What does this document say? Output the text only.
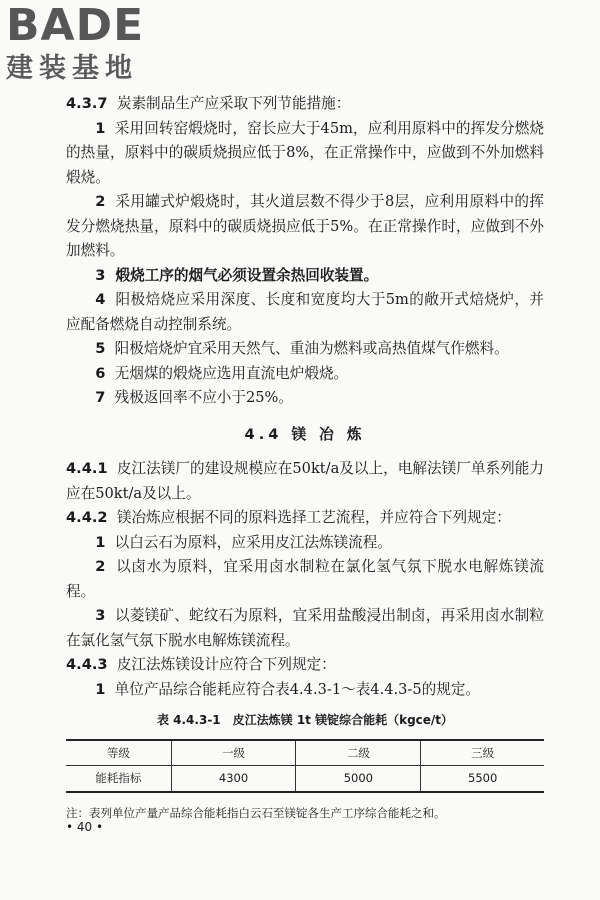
BADE
建装基地

4.3.7 炭素制品生产应采取下列节能措施：

1 采用回转窑煅烧时，窑长应大于45m，应利用原料中的挥发分燃烧的热量，原料中的碳质烧损应低于8%，在正常操作中，应做到不外加燃料煅烧。

2 采用罐式炉煅烧时，其火道层数不得少于8层，应利用原料中的挥发分燃烧热量，原料中的碳质烧损应低于5%。在正常操作时，应做到不外加燃料。

3 煅烧工序的烟气必须设置余热回收装置。

4 阳极焙烧应采用深度、长度和宽度均大于5m的敞开式焙烧炉，并应配备燃烧自动控制系统。

5 阳极焙烧炉宜采用天然气、重油为燃料或高热值煤气作燃料。

6 无烟煤的煅烧应选用直流电炉煅烧。

7 残极返回率不应小于25%。

4.4 镁 冶 炼

4.4.1 皮江法镁厂的建设规模应在50kt/a及以上，电解法镁厂单系列能力应在50kt/a及以上。

4.4.2 镁冶炼应根据不同的原料选择工艺流程，并应符合下列规定：

1 以白云石为原料，应采用皮江法炼镁流程。

2 以卤水为原料，宜采用卤水制粒在氯化氢气氛下脱水电解炼镁流程。

3 以菱镁矿、蛇纹石为原料，宜采用盐酸浸出制卤，再采用卤水制粒在氯化氢气氛下脱水电解炼镁流程。

4.4.3 皮江法炼镁设计应符合下列规定：

1 单位产品综合能耗应符合表4.4.3-1～表4.4.3-5的规定。

表 4.4.3-1　皮江法炼镁 1t 镁锭综合能耗（kgce/t）
等级	一级	二级	三级
能耗指标	4300	5000	5500
注：表列单位产量产品综合能耗指白云石至镁锭各生产工序综合能耗之和。
• 40 •
